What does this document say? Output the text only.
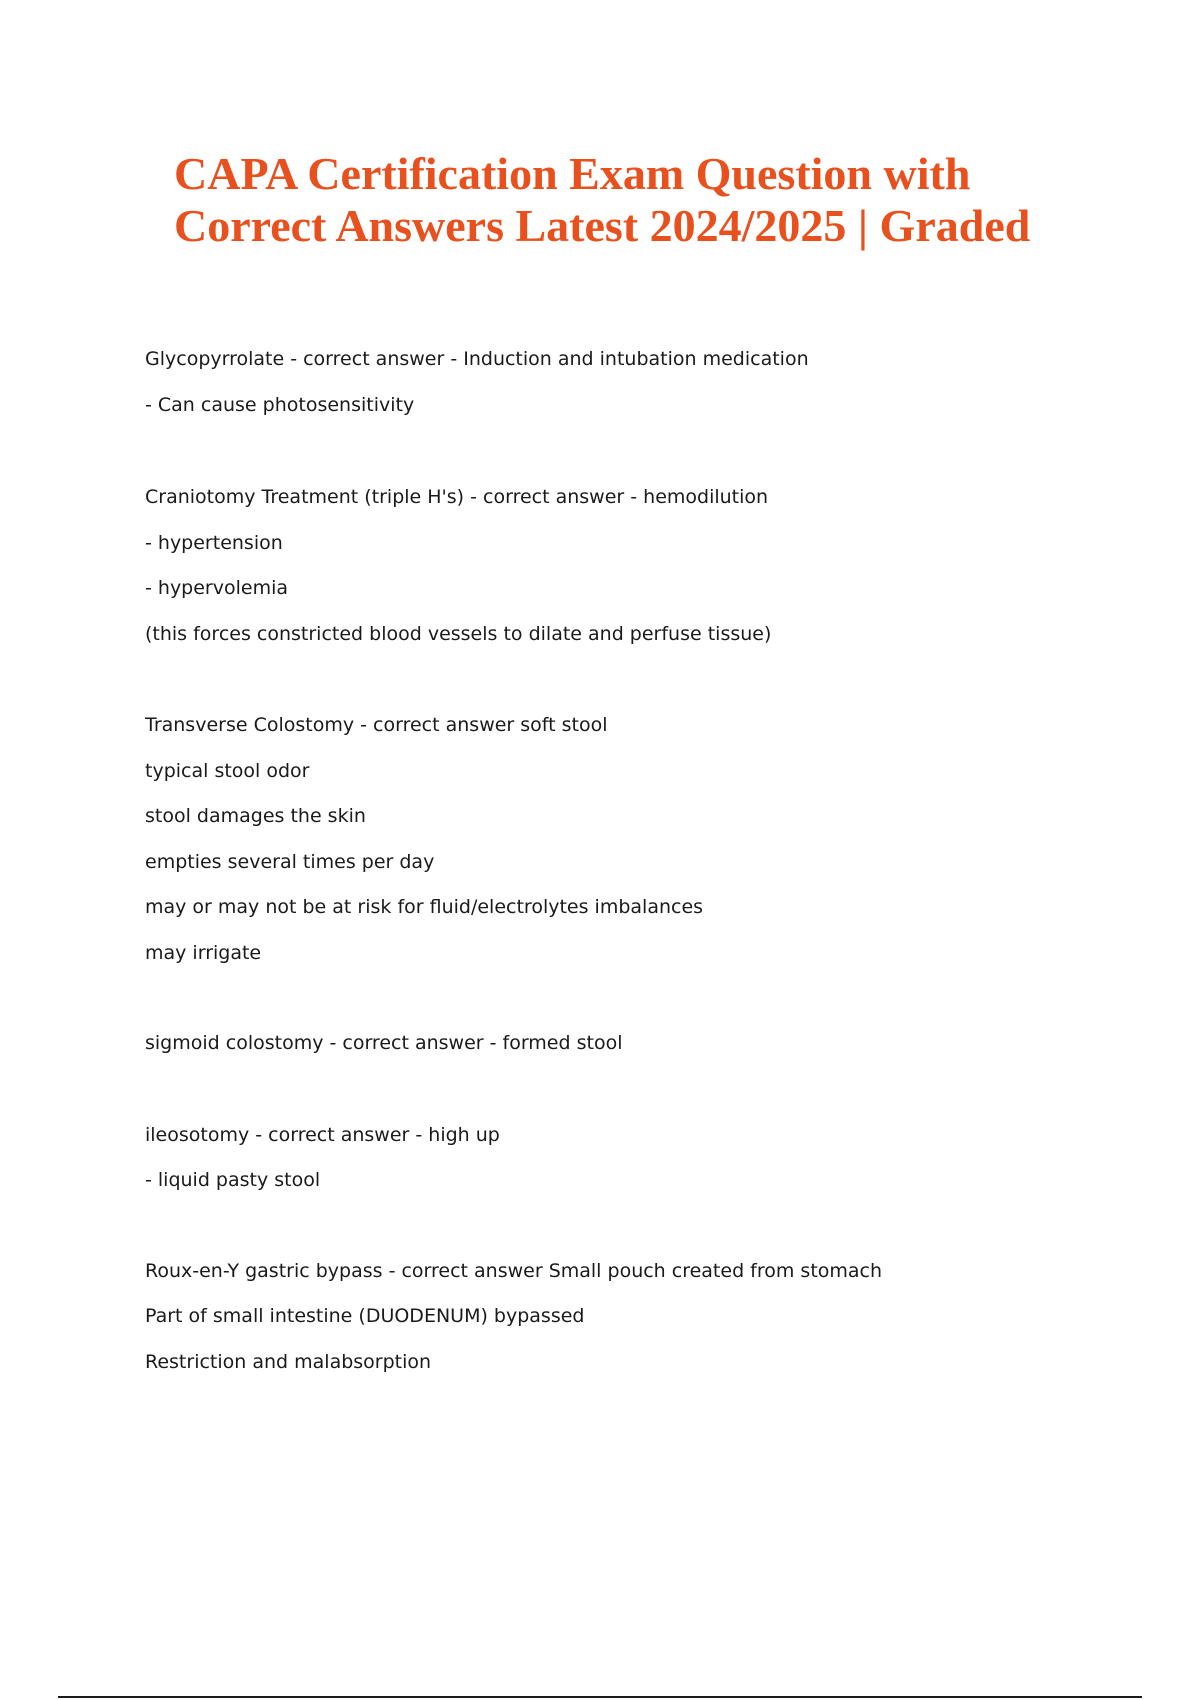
CAPA Certification Exam Question with
Correct Answers Latest 2024/2025 | Graded
Glycopyrrolate - correct answer - Induction and intubation medication
- Can cause photosensitivity
Craniotomy Treatment (triple H's) - correct answer - hemodilution
- hypertension
- hypervolemia
(this forces constricted blood vessels to dilate and perfuse tissue)
Transverse Colostomy - correct answer soft stool
typical stool odor
stool damages the skin
empties several times per day
may or may not be at risk for fluid/electrolytes imbalances
may irrigate
sigmoid colostomy - correct answer - formed stool
ileosotomy - correct answer - high up
- liquid pasty stool
Roux-en-Y gastric bypass - correct answer Small pouch created from stomach
Part of small intestine (DUODENUM) bypassed
Restriction and malabsorption
